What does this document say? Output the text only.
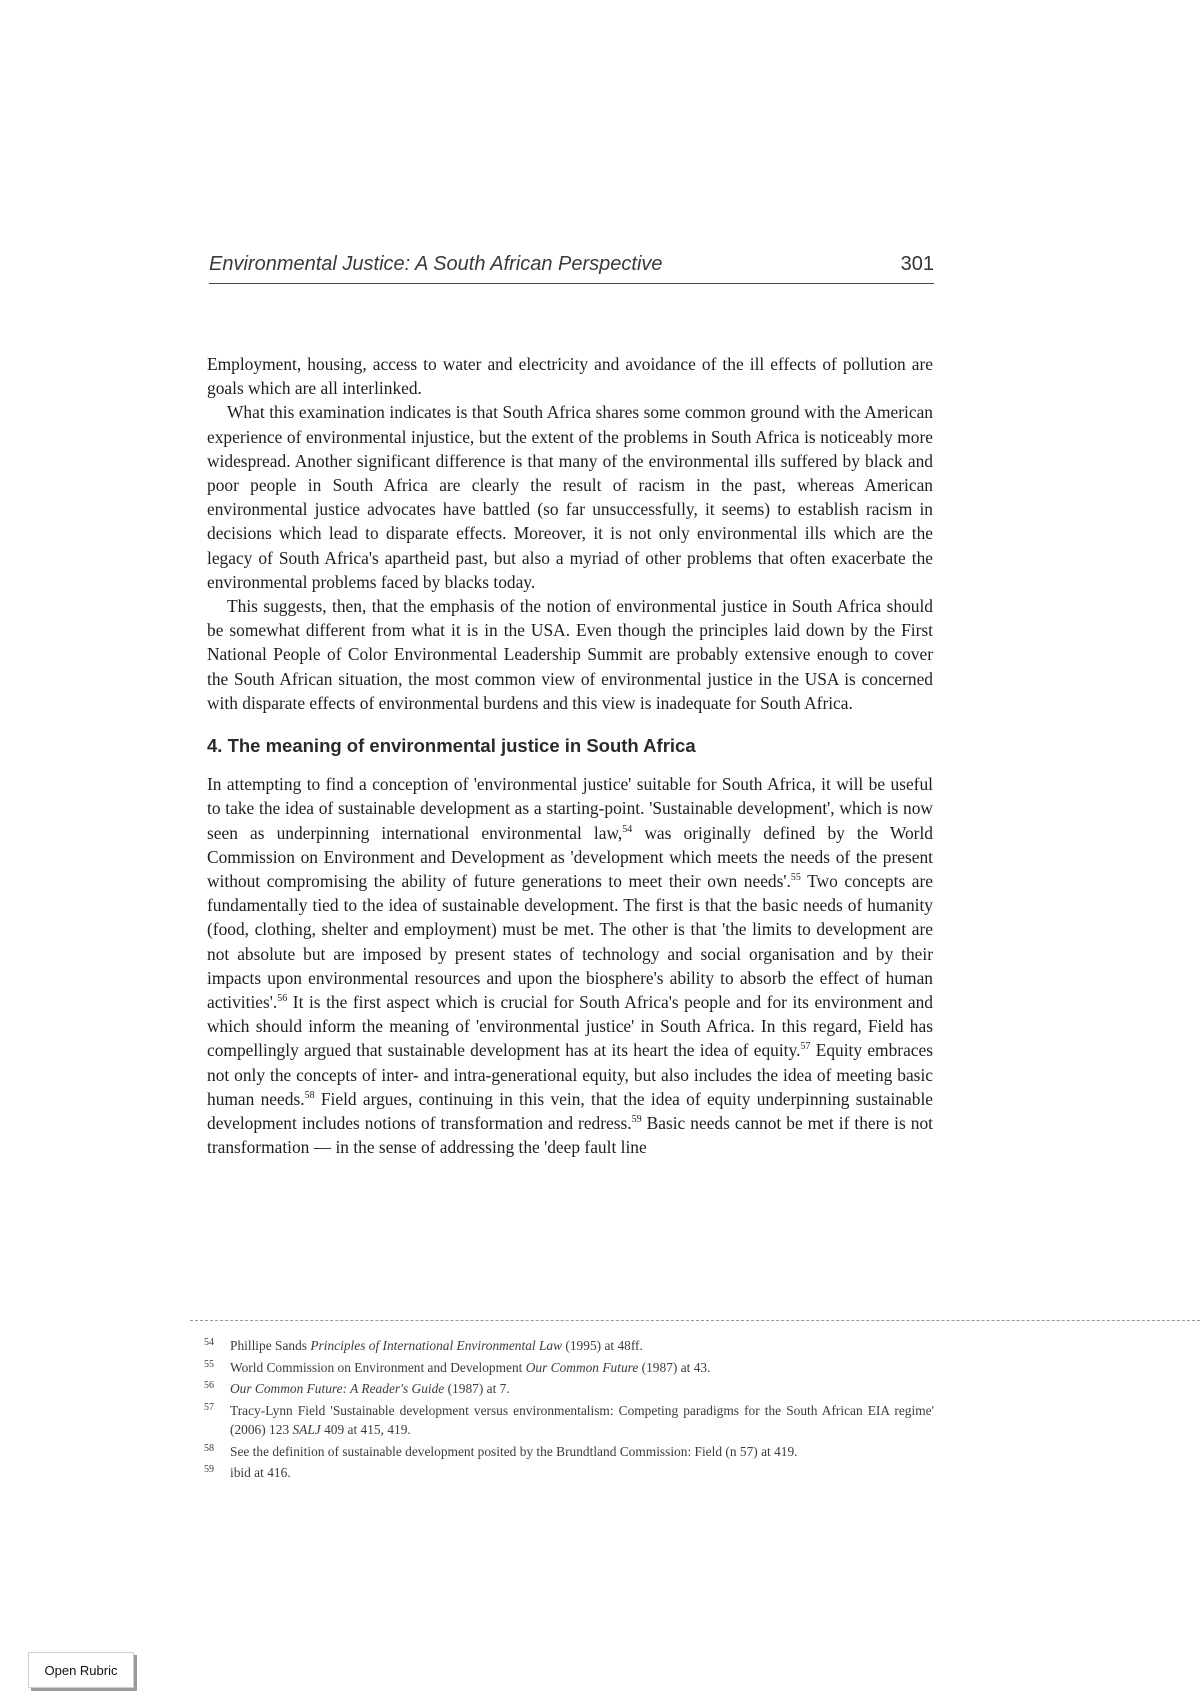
Environmental Justice: A South African Perspective	301

Employment, housing, access to water and electricity and avoidance of the ill effects of pollution are goals which are all interlinked.

What this examination indicates is that South Africa shares some common ground with the American experience of environmental injustice, but the extent of the problems in South Africa is noticeably more widespread. Another significant difference is that many of the environmental ills suffered by black and poor people in South Africa are clearly the result of racism in the past, whereas American environmental justice advocates have battled (so far unsuccessfully, it seems) to establish racism in decisions which lead to disparate effects. Moreover, it is not only environmental ills which are the legacy of South Africa's apartheid past, but also a myriad of other problems that often exacerbate the environmental problems faced by blacks today.

This suggests, then, that the emphasis of the notion of environmental justice in South Africa should be somewhat different from what it is in the USA. Even though the principles laid down by the First National People of Color Environmental Leadership Summit are probably extensive enough to cover the South African situation, the most common view of environmental justice in the USA is concerned with disparate effects of environmental burdens and this view is inadequate for South Africa.

4. The meaning of environmental justice in South Africa

In attempting to find a conception of 'environmental justice' suitable for South Africa, it will be useful to take the idea of sustainable development as a starting-point. 'Sustainable development', which is now seen as underpinning international environmental law,$^{54}$ was originally defined by the World Commission on Environment and Development as 'development which meets the needs of the present without compromising the ability of future generations to meet their own needs'.$^{55}$ Two concepts are fundamentally tied to the idea of sustainable development. The first is that the basic needs of humanity (food, clothing, shelter and employment) must be met. The other is that 'the limits to development are not absolute but are imposed by present states of technology and social organisation and by their impacts upon environmental resources and upon the biosphere's ability to absorb the effect of human activities'.$^{56}$ It is the first aspect which is crucial for South Africa's people and for its environment and which should inform the meaning of 'environmental justice' in South Africa. In this regard, Field has compellingly argued that sustainable development has at its heart the idea of equity.$^{57}$ Equity embraces not only the concepts of inter- and intra-generational equity, but also includes the idea of meeting basic human needs.$^{58}$ Field argues, continuing in this vein, that the idea of equity underpinning sustainable development includes notions of transformation and redress.$^{59}$ Basic needs cannot be met if there is not transformation — in the sense of addressing the 'deep fault line

54 Phillipe Sands Principles of International Environmental Law (1995) at 48ff.
55 World Commission on Environment and Development Our Common Future (1987) at 43.
56 Our Common Future: A Reader's Guide (1987) at 7.
57 Tracy-Lynn Field 'Sustainable development versus environmentalism: Competing paradigms for the South African EIA regime' (2006) 123 SALJ 409 at 415, 419.
58 See the definition of sustainable development posited by the Brundtland Commission: Field (n 57) at 419.
59 ibid at 416.
Open Rubric
